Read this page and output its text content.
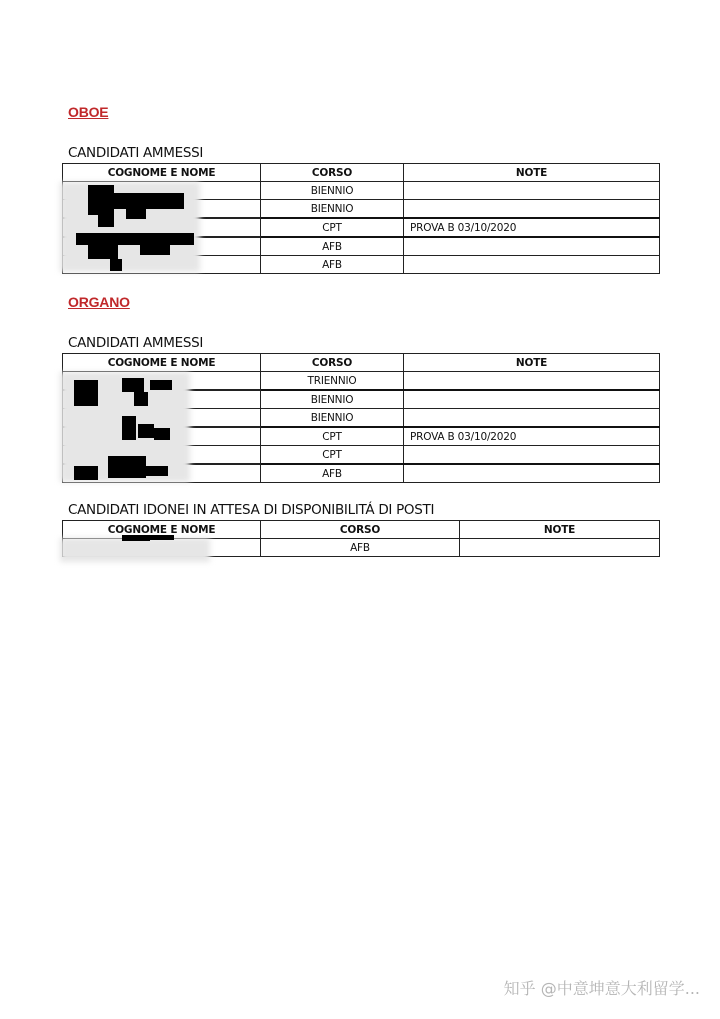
OBOE
CANDIDATI AMMESSI
COGNOME E NOME	CORSO	NOTE
	BIENNIO	
	BIENNIO	
	CPT	PROVA B 03/10/2020
	AFB	
	AFB	
ORGANO
CANDIDATI AMMESSI
COGNOME E NOME	CORSO	NOTE
	TRIENNIO	
	BIENNIO	
	BIENNIO	
	CPT	PROVA B 03/10/2020
	CPT	
	AFB	
CANDIDATI IDONEI IN ATTESA DI DISPONIBILITÁ DI POSTI
COGNOME E NOME	CORSO	NOTE
	AFB	
知乎 @中意坤意大利留学...
